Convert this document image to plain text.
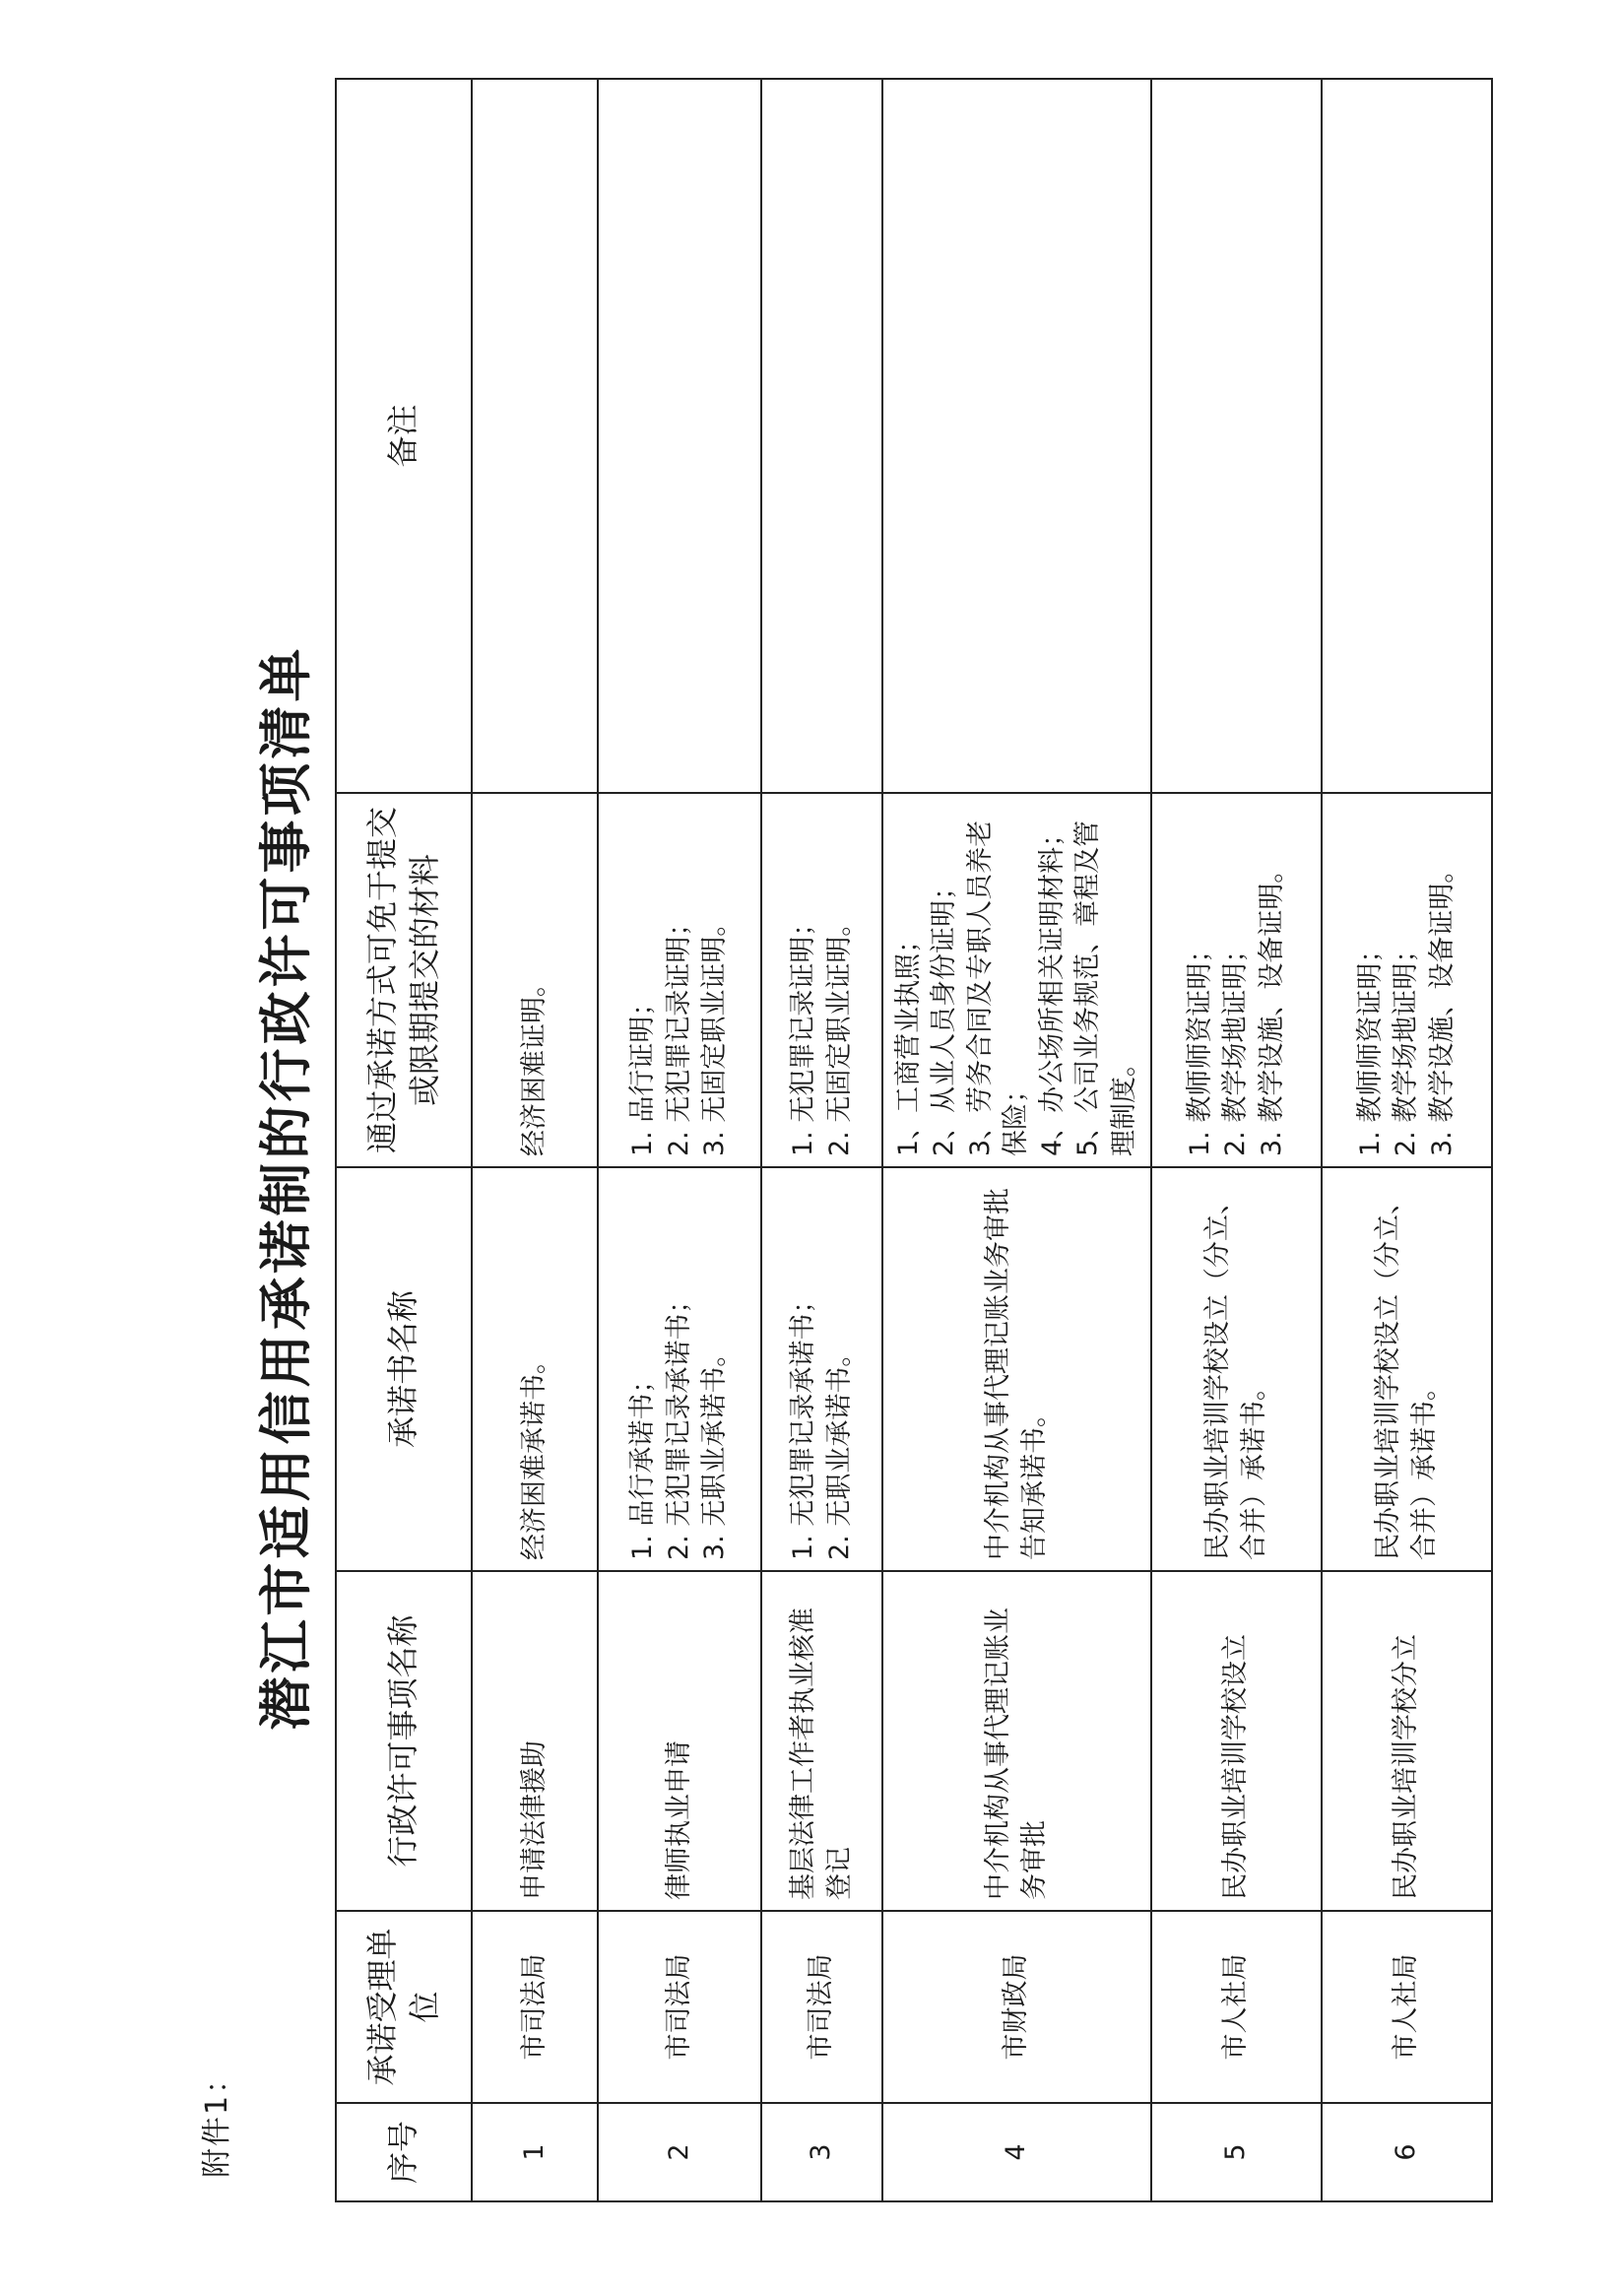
附件1：
潜江市适用信用承诺制的行政许可事项清单
序号	承诺受理单位	行政许可事项名称	承诺书名称	通过承诺方式可免于提交或限期提交的材料	备注
1	市司法局	申请法律援助	经济困难承诺书。	经济困难证明。	

2	市司法局	律师执业申请	1. 品行承诺书； 2. 无犯罪记录承诺书； 3. 无职业承诺书。	1. 品行证明； 2. 无犯罪记录证明； 3. 无固定职业证明。	

3	市司法局	基层法律工作者执业核准登记	1. 无犯罪记录承诺书； 2. 无职业承诺书。	1. 无犯罪记录证明； 2. 无固定职业证明。	

4	市财政局	中介机构从事代理记账业务审批	中介机构从事代理记账业务审批告知承诺书。	1、工商营业执照； 2、从业人员身份证明； 3、劳务合同及专职人员养老保险； 4、办公场所相关证明材料； 5、公司业务规范、章程及管理制度。	

5	市人社局	民办职业培训学校设立	民办职业培训学校设立（分立、合并）承诺书。	1. 教师师资证明； 2. 教学场地证明； 3. 教学设施、设备证明。	

6	市人社局	民办职业培训学校分立	民办职业培训学校设立（分立、合并）承诺书。	1. 教师师资证明； 2. 教学场地证明； 3. 教学设施、设备证明。	
